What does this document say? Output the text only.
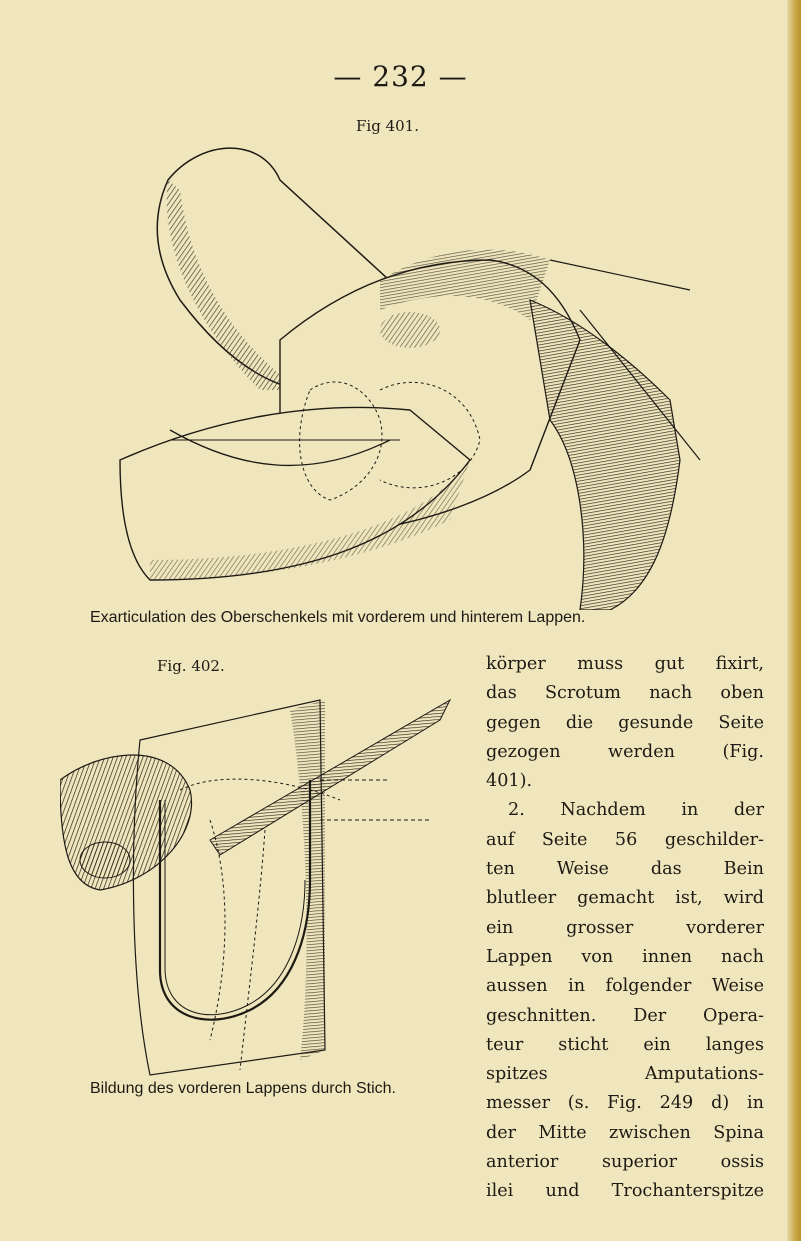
— 232 —
Fig 401.
Exarticulation des Oberschenkels mit vorderem und hinterem Lappen.
Fig. 402.
Bildung des vorderen Lappens durch Stich.
körper muss gut fixirt,
das Scrotum nach oben
gegen die gesunde Seite
gezogen werden (Fig.
401).
2. Nachdem in der
auf Seite 56 geschilder-
ten Weise das Bein
blutleer gemacht ist, wird
ein grosser vorderer
Lappen von innen nach
aussen in folgender Weise
geschnitten. Der Opera-
teur sticht ein langes
spitzes Amputations-
messer (s. Fig. 249 d) in
der Mitte zwischen Spina
anterior superior ossis
ilei und Trochanterspitze
